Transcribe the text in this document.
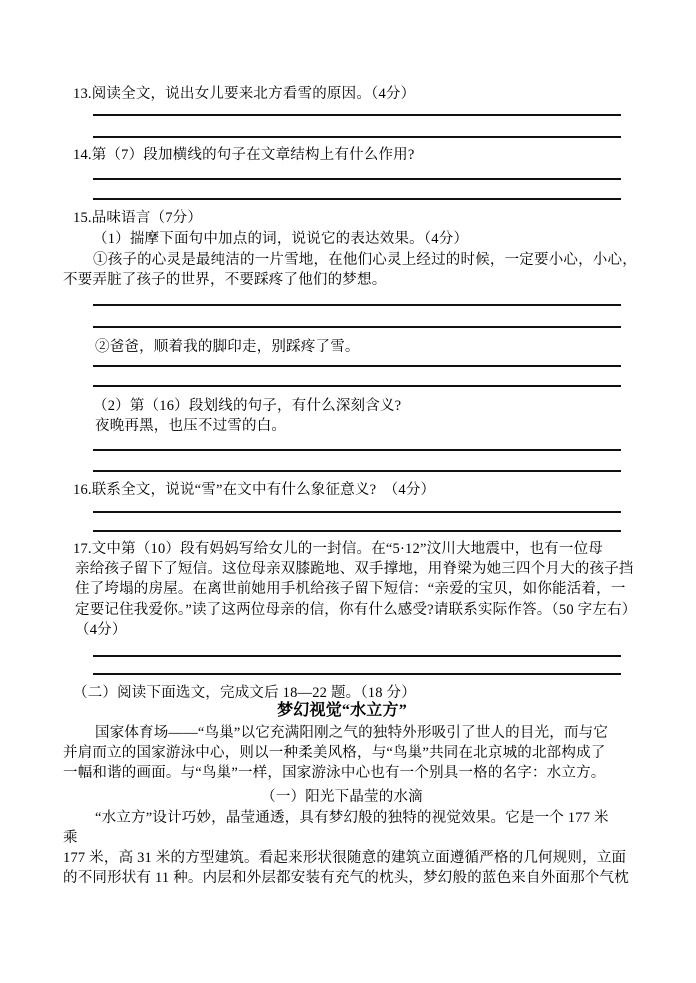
13.阅读全文，说出女儿要来北方看雪的原因。（4分）
14.第（7）段加横线的句子在文章结构上有什么作用?
15.品味语言（7分）
（1）揣摩下面句中加点的词，说说它的表达效果。（4分）
①孩子的心灵是最纯洁的一片雪地，在他们心灵上经过的时候，一定要小心，小心，
不要弄脏了孩子的世界，不要踩疼了他们的梦想。
②爸爸，顺着我的脚印走，别踩疼了雪。
（2）第（16）段划线的句子，有什么深刻含义?
夜晚再黑，也压不过雪的白。
16.联系全文，说说“雪”在文中有什么象征意义?　（4分）
17.文中第（10）段有妈妈写给女儿的一封信。在“5·12”汶川大地震中，也有一位母
亲给孩子留下了短信。这位母亲双膝跪地、双手撑地，用脊梁为她三四个月大的孩子挡
住了垮塌的房屋。在离世前她用手机给孩子留下短信：“亲爱的宝贝，如你能活着，一
定要记住我爱你。”读了这两位母亲的信，你有什么感受?请联系实际作答。（50 字左右）
（4分）
（二）阅读下面选文，完成文后 18—22 题。（18 分）
梦幻视觉“水立方”
国家体育场——“鸟巢”以它充满阳刚之气的独特外形吸引了世人的目光，而与它
并肩而立的国家游泳中心，则以一种柔美风格，与“鸟巢”共同在北京城的北部构成了
一幅和谐的画面。与“鸟巢”一样，国家游泳中心也有一个别具一格的名字：水立方。
（一）阳光下晶莹的水滴
“水立方”设计巧妙，晶莹通透，具有梦幻般的独特的视觉效果。它是一个 177 米
乘
177 米，高 31 米的方型建筑。看起来形状很随意的建筑立面遵循严格的几何规则，立面
的不同形状有 11 种。内层和外层都安装有充气的枕头，梦幻般的蓝色来自外面那个气枕
